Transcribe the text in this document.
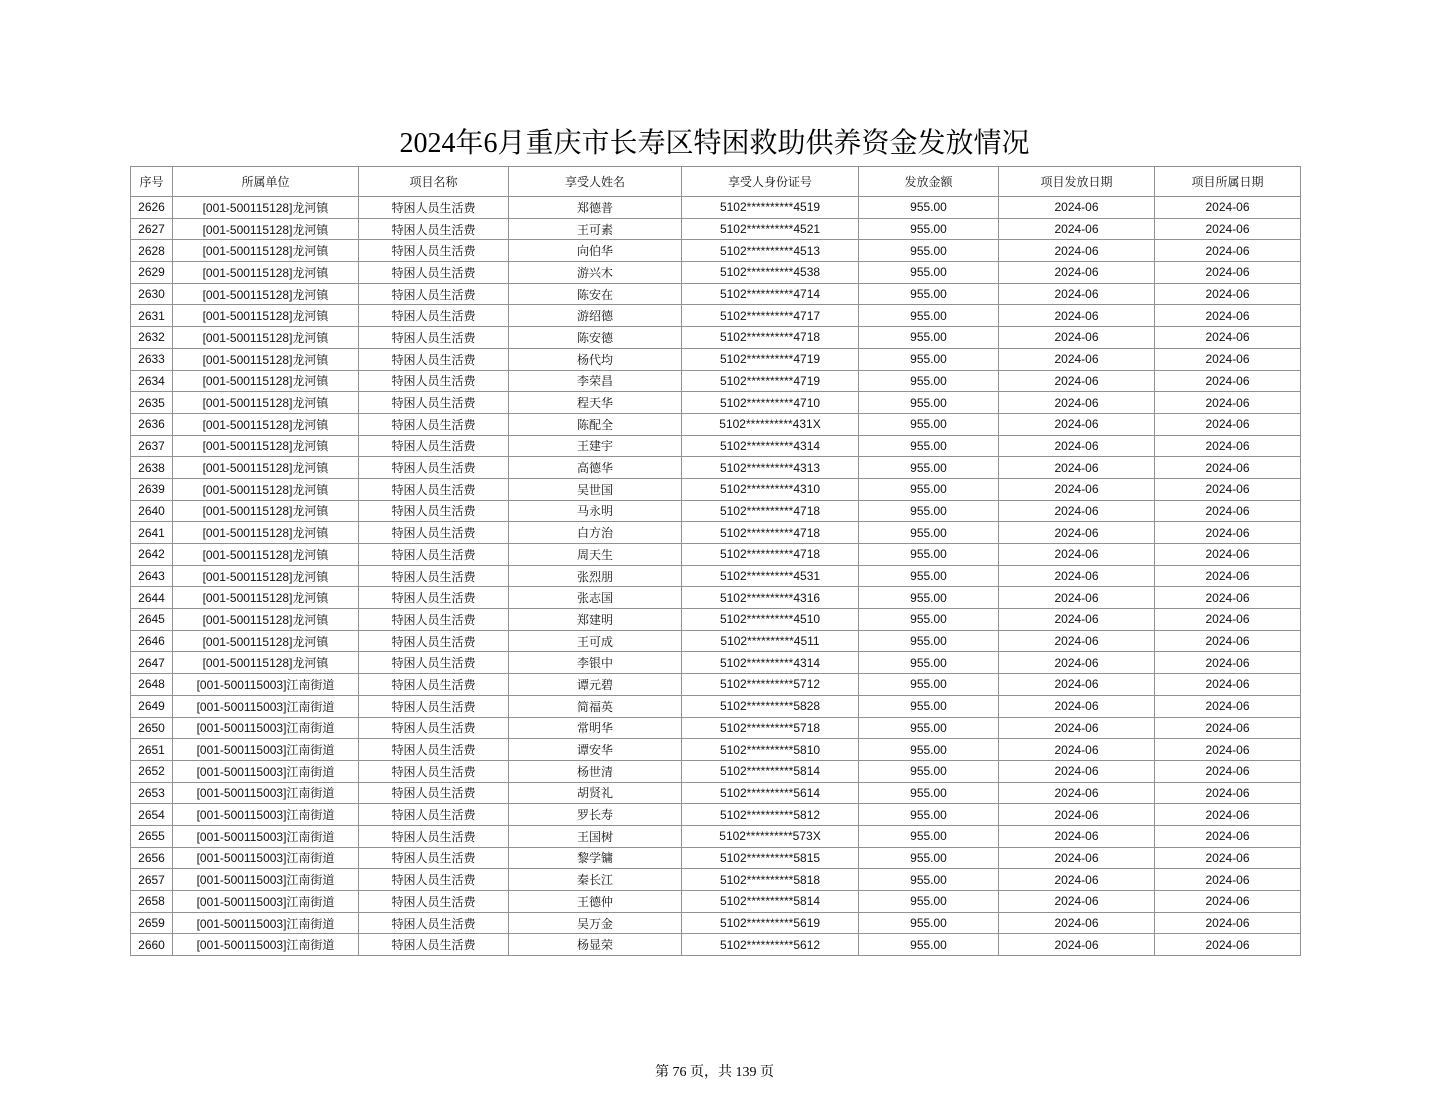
2024年6月重庆市长寿区特困救助供养资金发放情况
序号	所属单位	项目名称	享受人姓名	享受人身份证号	发放金额	项目发放日期	项目所属日期
2626	[001-500115128]龙河镇	特困人员生活费	郑德普	5102**********4519	955.00	2024-06	2024-06
2627	[001-500115128]龙河镇	特困人员生活费	王可素	5102**********4521	955.00	2024-06	2024-06
2628	[001-500115128]龙河镇	特困人员生活费	向伯华	5102**********4513	955.00	2024-06	2024-06
2629	[001-500115128]龙河镇	特困人员生活费	游兴木	5102**********4538	955.00	2024-06	2024-06
2630	[001-500115128]龙河镇	特困人员生活费	陈安在	5102**********4714	955.00	2024-06	2024-06
2631	[001-500115128]龙河镇	特困人员生活费	游绍德	5102**********4717	955.00	2024-06	2024-06
2632	[001-500115128]龙河镇	特困人员生活费	陈安德	5102**********4718	955.00	2024-06	2024-06
2633	[001-500115128]龙河镇	特困人员生活费	杨代均	5102**********4719	955.00	2024-06	2024-06
2634	[001-500115128]龙河镇	特困人员生活费	李荣昌	5102**********4719	955.00	2024-06	2024-06
2635	[001-500115128]龙河镇	特困人员生活费	程天华	5102**********4710	955.00	2024-06	2024-06
2636	[001-500115128]龙河镇	特困人员生活费	陈配全	5102**********431X	955.00	2024-06	2024-06
2637	[001-500115128]龙河镇	特困人员生活费	王建宇	5102**********4314	955.00	2024-06	2024-06
2638	[001-500115128]龙河镇	特困人员生活费	高德华	5102**********4313	955.00	2024-06	2024-06
2639	[001-500115128]龙河镇	特困人员生活费	吴世国	5102**********4310	955.00	2024-06	2024-06
2640	[001-500115128]龙河镇	特困人员生活费	马永明	5102**********4718	955.00	2024-06	2024-06
2641	[001-500115128]龙河镇	特困人员生活费	白方治	5102**********4718	955.00	2024-06	2024-06
2642	[001-500115128]龙河镇	特困人员生活费	周天生	5102**********4718	955.00	2024-06	2024-06
2643	[001-500115128]龙河镇	特困人员生活费	张烈朋	5102**********4531	955.00	2024-06	2024-06
2644	[001-500115128]龙河镇	特困人员生活费	张志国	5102**********4316	955.00	2024-06	2024-06
2645	[001-500115128]龙河镇	特困人员生活费	郑建明	5102**********4510	955.00	2024-06	2024-06
2646	[001-500115128]龙河镇	特困人员生活费	王可成	5102**********4511	955.00	2024-06	2024-06
2647	[001-500115128]龙河镇	特困人员生活费	李银中	5102**********4314	955.00	2024-06	2024-06
2648	[001-500115003]江南街道	特困人员生活费	谭元碧	5102**********5712	955.00	2024-06	2024-06
2649	[001-500115003]江南街道	特困人员生活费	简福英	5102**********5828	955.00	2024-06	2024-06
2650	[001-500115003]江南街道	特困人员生活费	常明华	5102**********5718	955.00	2024-06	2024-06
2651	[001-500115003]江南街道	特困人员生活费	谭安华	5102**********5810	955.00	2024-06	2024-06
2652	[001-500115003]江南街道	特困人员生活费	杨世清	5102**********5814	955.00	2024-06	2024-06
2653	[001-500115003]江南街道	特困人员生活费	胡贤礼	5102**********5614	955.00	2024-06	2024-06
2654	[001-500115003]江南街道	特困人员生活费	罗长寿	5102**********5812	955.00	2024-06	2024-06
2655	[001-500115003]江南街道	特困人员生活费	王国树	5102**********573X	955.00	2024-06	2024-06
2656	[001-500115003]江南街道	特困人员生活费	黎学镛	5102**********5815	955.00	2024-06	2024-06
2657	[001-500115003]江南街道	特困人员生活费	秦长江	5102**********5818	955.00	2024-06	2024-06
2658	[001-500115003]江南街道	特困人员生活费	王德仲	5102**********5814	955.00	2024-06	2024-06
2659	[001-500115003]江南街道	特困人员生活费	吴万金	5102**********5619	955.00	2024-06	2024-06
2660	[001-500115003]江南街道	特困人员生活费	杨显荣	5102**********5612	955.00	2024-06	2024-06
第 76 页，共 139 页
